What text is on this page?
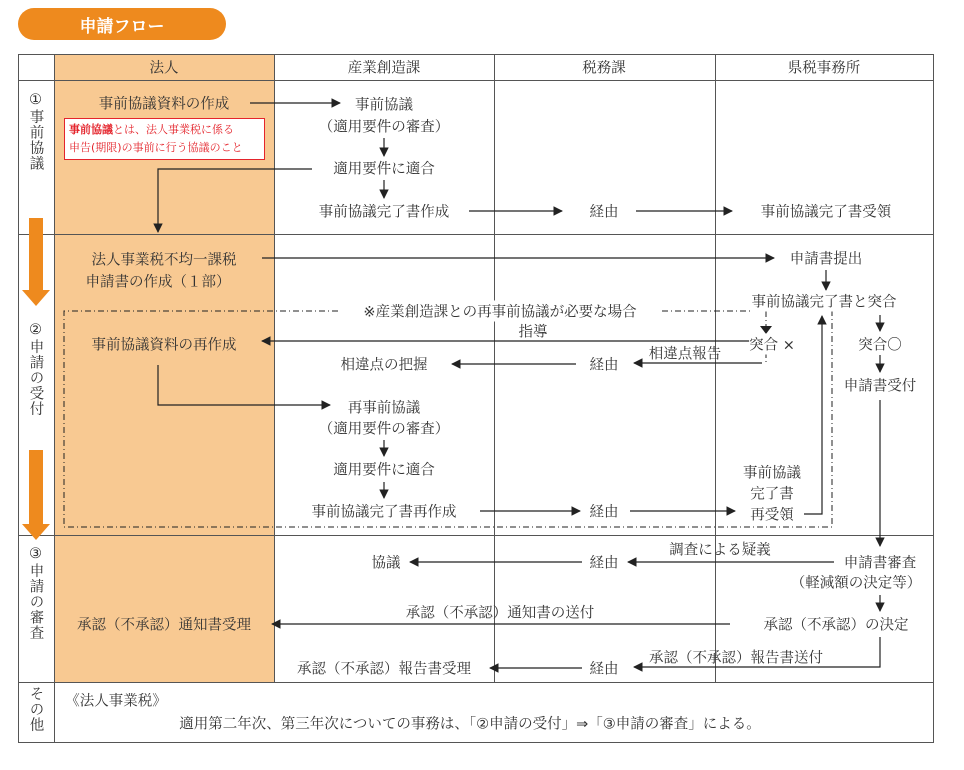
申請フロー
①事前協議
②申請の受付
③申請の審査
その他
法人	産業創造課	税務課	県税事務所
事前協議とは、法人事業税に係る
申告(期限)の事前に行う協議のこと
事前協議資料の作成	事前協議
（適用要件の審査）
適用要件に適合
事前協議完了書作成	経由	事前協議完了書受領
法人事業税不均一課税
申請書の作成（１部）
申請書提出
事前協議完了書と突合
※産業創造課との再事前協議が必要な場合
指導
突合 ×	突合〇
事前協議資料の再作成
相違点報告
相違点の把握	経由
申請書受付
再事前協議
（適用要件の審査）
適用要件に適合
事前協議完了書再作成	経由
事前協議
完了書
再受領
調査による疑義
協議	経由	申請書審査
（軽減額の決定等）
承認（不承認）通知書の送付
承認（不承認）通知書受理	承認（不承認）の決定
承認（不承認）報告書送付
承認（不承認）報告書受理	経由
《法人事業税》
適用第二年次、第三年次についての事務は、「②申請の受付」⇒「③申請の審査」による。
